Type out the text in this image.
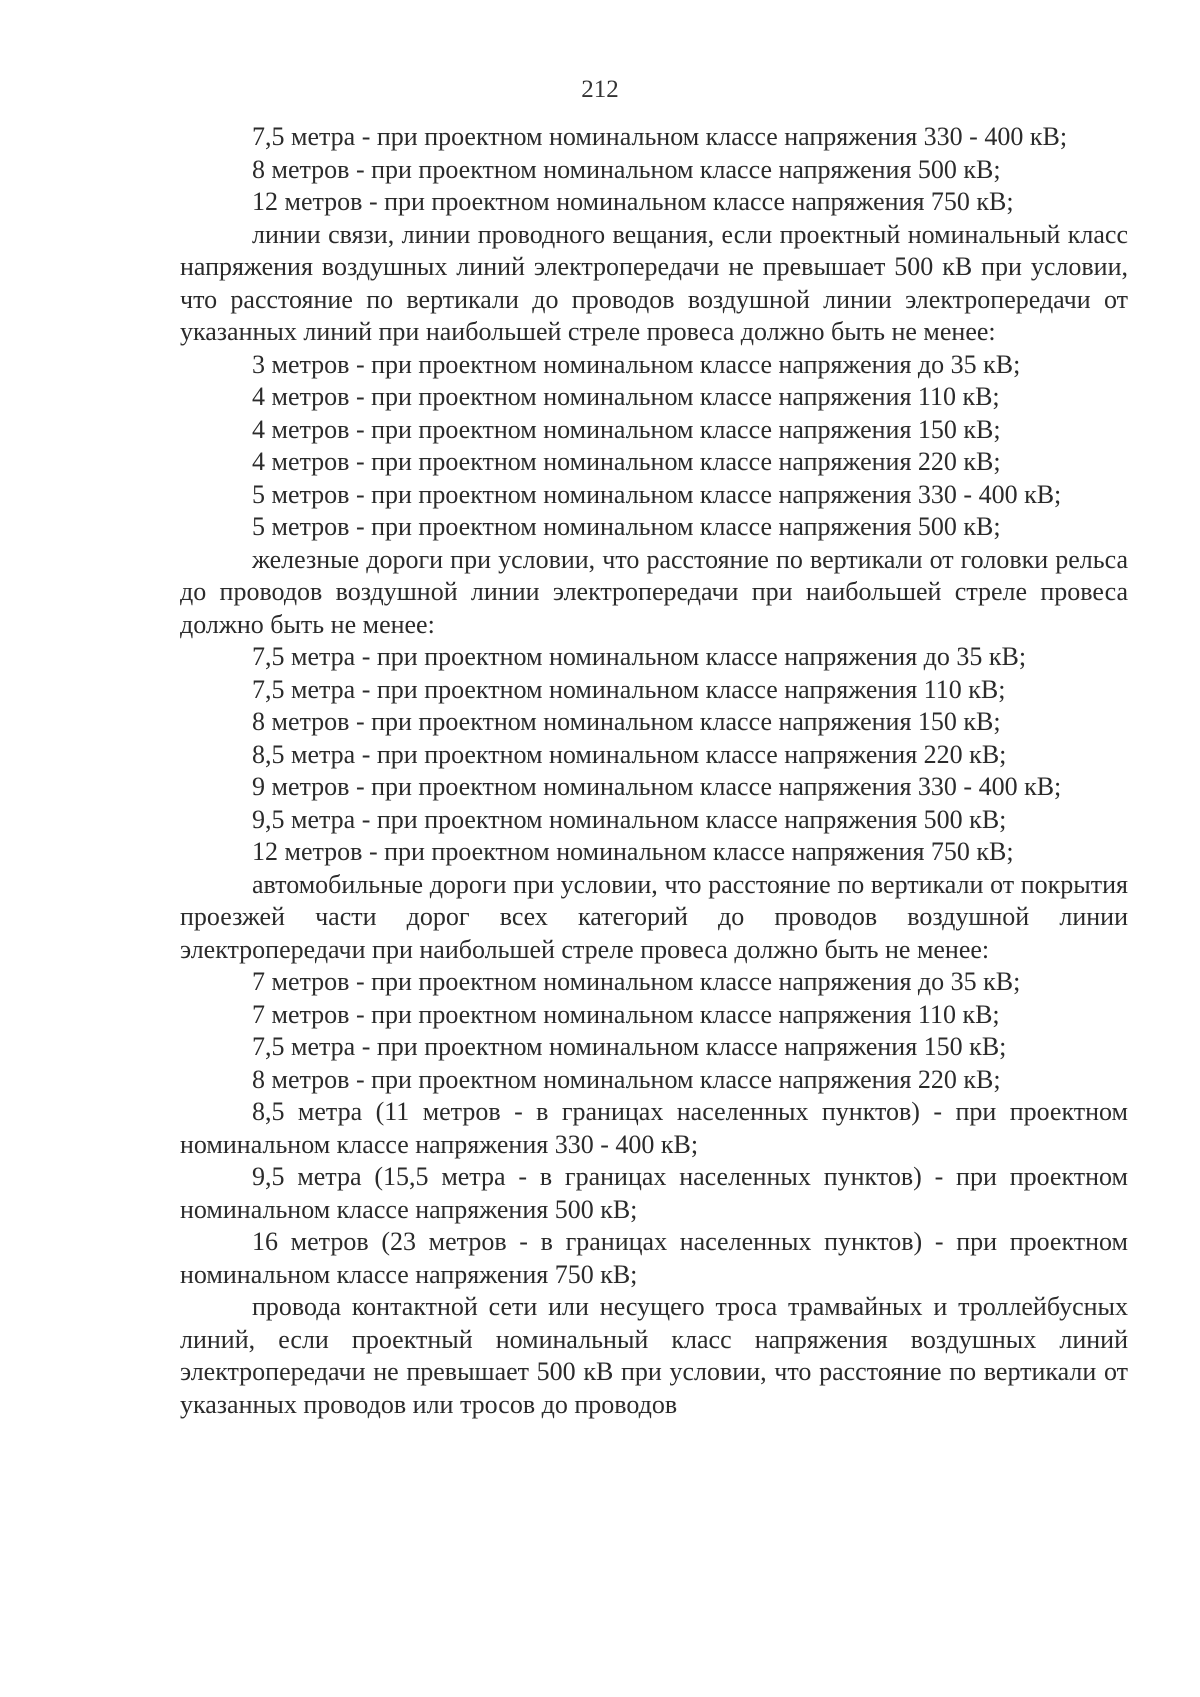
212

7,5 метра - при проектном номинальном классе напряжения 330 - 400 кВ;

8 метров - при проектном номинальном классе напряжения 500 кВ;

12 метров - при проектном номинальном классе напряжения 750 кВ;

линии связи, линии проводного вещания, если проектный номинальный класс напряжения воздушных линий электропередачи не превышает 500 кВ при условии, что расстояние по вертикали до проводов воздушной линии электропередачи от указанных линий при наибольшей стреле провеса должно быть не менее:

3 метров - при проектном номинальном классе напряжения до 35 кВ;

4 метров - при проектном номинальном классе напряжения 110 кВ;

4 метров - при проектном номинальном классе напряжения 150 кВ;

4 метров - при проектном номинальном классе напряжения 220 кВ;

5 метров - при проектном номинальном классе напряжения 330 - 400 кВ;

5 метров - при проектном номинальном классе напряжения 500 кВ;

железные дороги при условии, что расстояние по вертикали от головки рельса до проводов воздушной линии электропередачи при наибольшей стреле провеса должно быть не менее:

7,5 метра - при проектном номинальном классе напряжения до 35 кВ;

7,5 метра - при проектном номинальном классе напряжения 110 кВ;

8 метров - при проектном номинальном классе напряжения 150 кВ;

8,5 метра - при проектном номинальном классе напряжения 220 кВ;

9 метров - при проектном номинальном классе напряжения 330 - 400 кВ;

9,5 метра - при проектном номинальном классе напряжения 500 кВ;

12 метров - при проектном номинальном классе напряжения 750 кВ;

автомобильные дороги при условии, что расстояние по вертикали от покрытия проезжей части дорог всех категорий до проводов воздушной линии электропередачи при наибольшей стреле провеса должно быть не менее:

7 метров - при проектном номинальном классе напряжения до 35 кВ;

7 метров - при проектном номинальном классе напряжения 110 кВ;

7,5 метра - при проектном номинальном классе напряжения 150 кВ;

8 метров - при проектном номинальном классе напряжения 220 кВ;

8,5 метра (11 метров - в границах населенных пунктов) - при проектном номинальном классе напряжения 330 - 400 кВ;

9,5 метра (15,5 метра - в границах населенных пунктов) - при проектном номинальном классе напряжения 500 кВ;

16 метров (23 метров - в границах населенных пунктов) - при проектном номинальном классе напряжения 750 кВ;

провода контактной сети или несущего троса трамвайных и троллейбусных линий, если проектный номинальный класс напряжения воздушных линий электропередачи не превышает 500 кВ при условии, что расстояние по вертикали от указанных проводов или тросов до проводов
